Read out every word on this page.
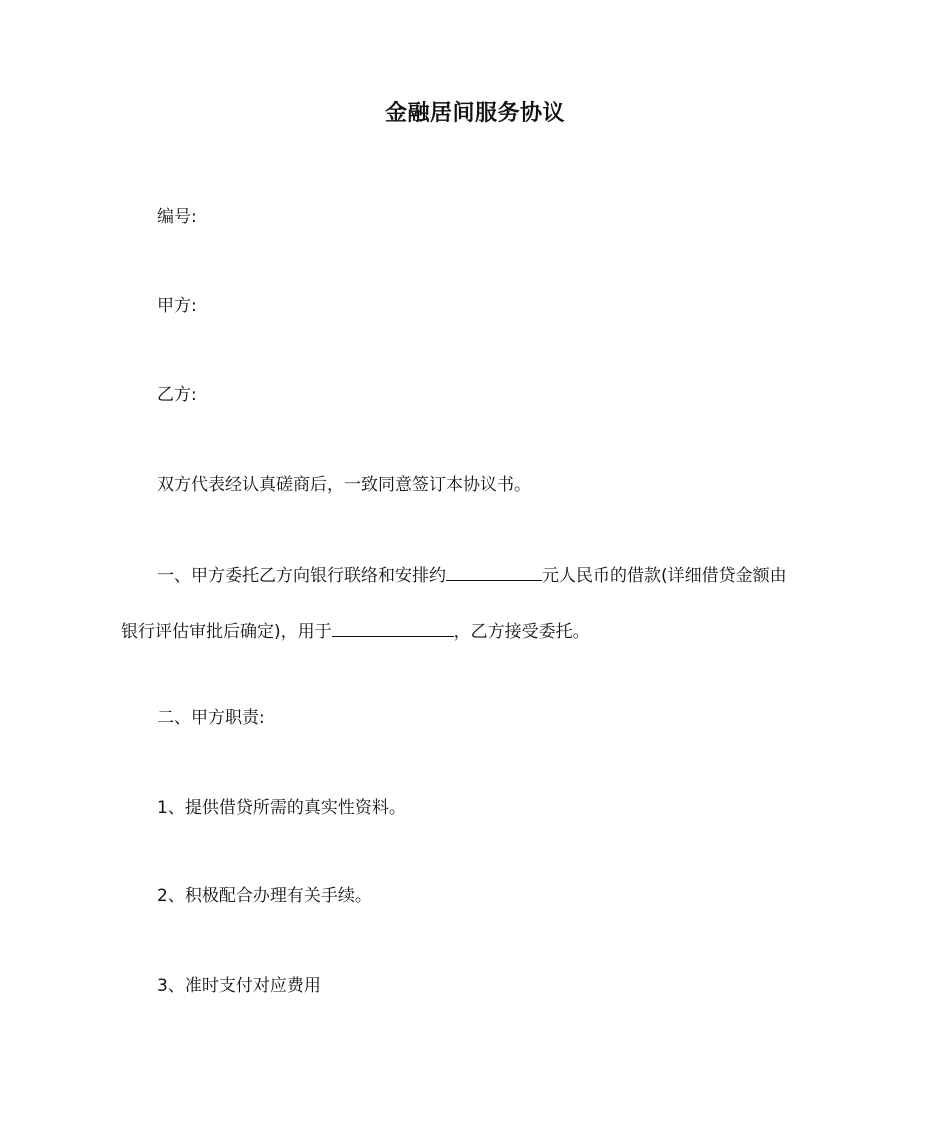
金融居间服务协议
编号:
甲方:
乙方:
双方代表经认真磋商后，一致同意签订本协议书。
一、甲方委托乙方向银行联络和安排约	元人民币的借款(详细借贷金额由
银行评估审批后确定)，用于	，乙方接受委托。
二、甲方职责:
1、提供借贷所需的真实性资料。
2、积极配合办理有关手续。
3、准时支付对应费用
